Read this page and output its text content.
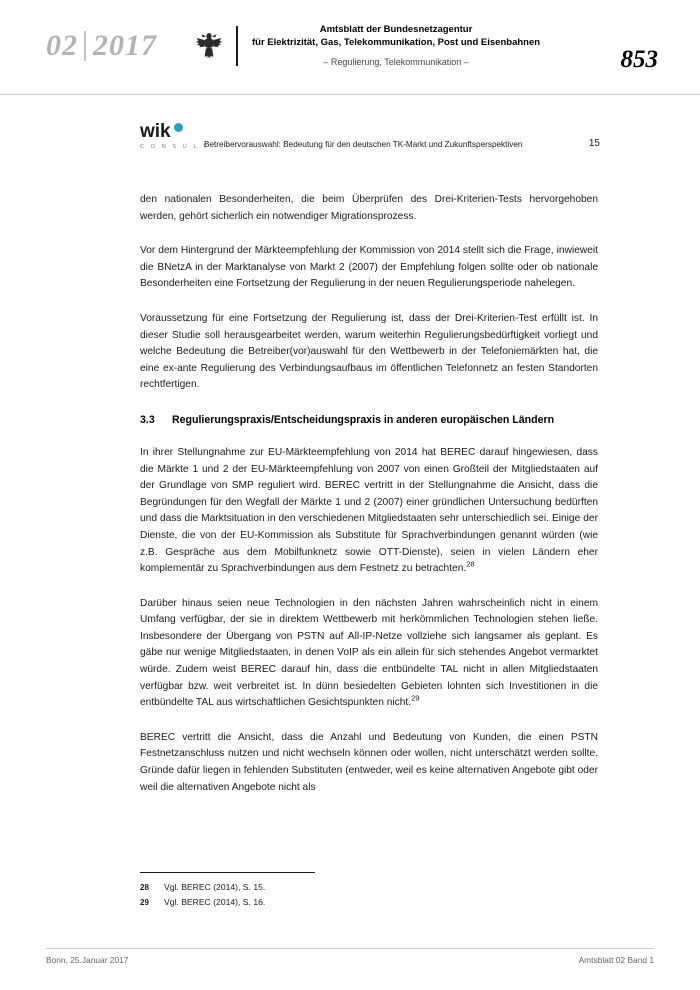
02 2017	Amtsblatt der Bundesnetzagentur
für Elektrizität, Gas, Telekommunikation, Post und Eisenbahnen
– Regulierung, Telekommunikation –	853
wik
C O N S U L T
Betreibervorauswahl: Bedeutung für den deutschen TK-Markt und Zukunftsperspektiven	15

den nationalen Besonderheiten, die beim Überprüfen des Drei-Kriterien-Tests hervorgehoben werden, gehört sicherlich ein notwendiger Migrationsprozess.

Vor dem Hintergrund der Märkteempfehlung der Kommission von 2014 stellt sich die Frage, inwieweit die BNetzA in der Marktanalyse von Markt 2 (2007) der Empfehlung folgen sollte oder ob nationale Besonderheiten eine Fortsetzung der Regulierung in der neuen Regulierungsperiode nahelegen.

Voraussetzung für eine Fortsetzung der Regulierung ist, dass der Drei-Kriterien-Test erfüllt ist. In dieser Studie soll herausgearbeitet werden, warum weiterhin Regulierungsbedürftigkeit vorliegt und welche Bedeutung die Betreiber(vor)auswahl für den Wettbewerb in der Telefoniemärkten hat, die eine ex-ante Regulierung des Verbindungsaufbaus im öffentlichen Telefonnetz an festen Standorten rechtfertigen.

3.3	Regulierungspraxis/Entscheidungspraxis in anderen europäischen Ländern

In ihrer Stellungnahme zur EU-Märkteempfehlung von 2014 hat BEREC darauf hingewiesen, dass die Märkte 1 und 2 der EU-Märkteempfehlung von 2007 von einen Großteil der Mitgliedstaaten auf der Grundlage von SMP reguliert wird. BEREC vertritt in der Stellungnahme die Ansicht, dass die Begründungen für den Wegfall der Märkte 1 und 2 (2007) einer gründlichen Untersuchung bedürften und dass die Marktsituation in den verschiedenen Mitgliedstaaten sehr unterschiedlich sei. Einige der Dienste, die von der EU-Kommission als Substitute für Sprachverbindungen genannt würden (wie z.B. Gespräche aus dem Mobilfunknetz sowie OTT-Dienste), seien in vielen Ländern eher komplementär zu Sprachverbindungen aus dem Festnetz zu betrachten.$^{28}$

Darüber hinaus seien neue Technologien in den nächsten Jahren wahrscheinlich nicht in einem Umfang verfügbar, der sie in direktem Wettbewerb mit herkömmlichen Technologien stehen ließe. Insbesondere der Übergang von PSTN auf All-IP-Netze vollziehe sich langsamer als geplant. Es gäbe nur wenige Mitgliedstaaten, in denen VoIP als ein allein für sich stehendes Angebot vermarktet würde. Zudem weist BEREC darauf hin, dass die entbündelte TAL nicht in allen Mitgliedstaaten verfügbar bzw. weit verbreitet ist. In dünn besiedelten Gebieten lohnten sich Investitionen in die entbündelte TAL aus wirtschaftlichen Gesichtspunkten nicht.$^{29}$

BEREC vertritt die Ansicht, dass die Anzahl und Bedeutung von Kunden, die einen PSTN Festnetzanschluss nutzen und nicht wechseln können oder wollen, nicht unterschätzt werden sollte. Gründe dafür liegen in fehlenden Substituten (entweder, weil es keine alternativen Angebote gibt oder weil die alternativen Angebote nicht als

28	Vgl. BEREC (2014), S. 15.
29	Vgl. BEREC (2014), S. 16.
Bonn, 25.Januar 2017	Amtsblatt 02 Band 1
